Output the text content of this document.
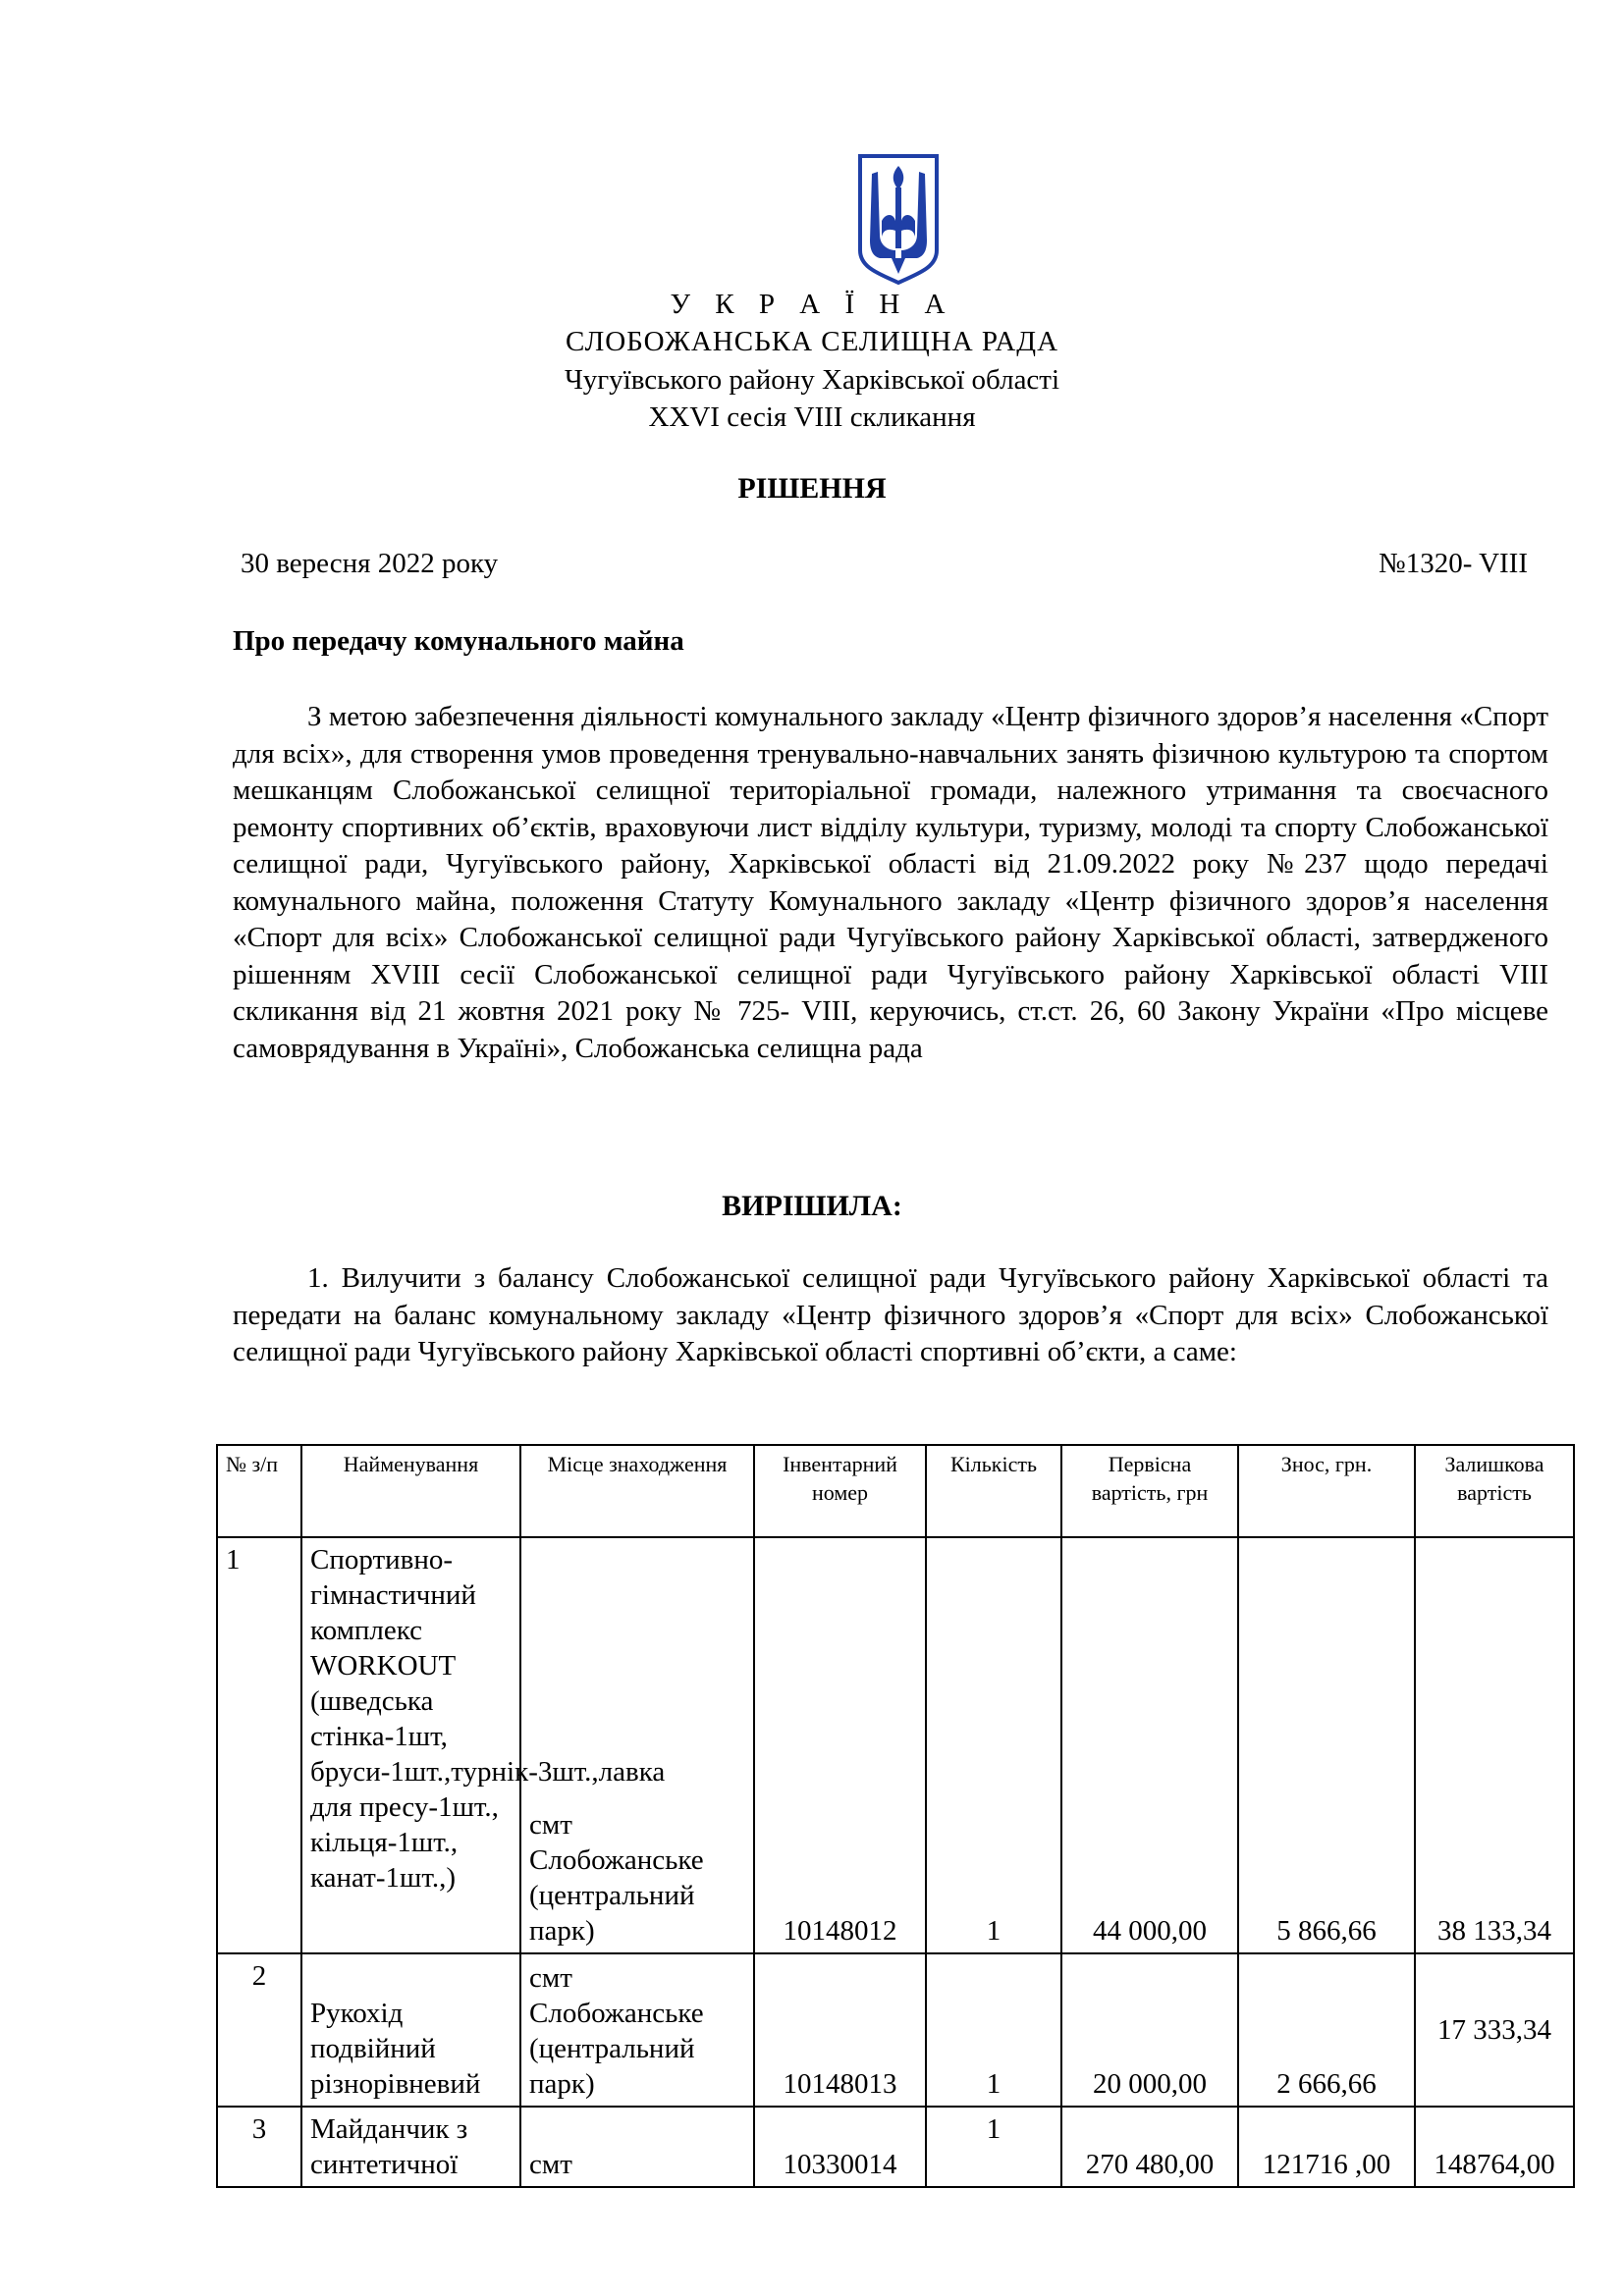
У К Р А Ї Н А
СЛОБОЖАНСЬКА СЕЛИЩНА РАДА
Чугуївського району Харківської області
XXVI сесія VIII скликання
РІШЕННЯ
30 вересня 2022 року	№1320- VIII
Про передачу комунального майна

З метою забезпечення діяльності комунального закладу «Центр фізичного здоров’я населення «Спорт для всіх», для створення умов проведення тренувально-навчальних занять фізичною культурою та спортом мешканцям Слобожанської селищної територіальної громади, належного утримання та своєчасного ремонту спортивних об’єктів, враховуючи лист відділу культури, туризму, молоді та спорту Слобожанської селищної ради, Чугуївського району, Харківської області від 21.09.2022 року №237 щодо передачі комунального майна, положення Статуту Комунального закладу «Центр фізичного здоров’я населення «Спорт для всіх» Слобожанської селищної ради Чугуївського району Харківської області, затвердженого рішенням XVIII сесії Слобожанської селищної ради Чугуївського району Харківської області VIII скликання від 21 жовтня 2021 року № 725- VIII, керуючись, ст.ст. 26, 60 Закону України «Про місцеве самоврядування в Україні», Слобожанська селищна рада

ВИРІШИЛА:

1. Вилучити з балансу Слобожанської селищної ради Чугуївського району Харківської області та передати на баланс комунальному закладу «Центр фізичного здоров’я «Спорт для всіх» Слобожанської селищної ради Чугуївського району Харківської області спортивні об’єкти, а саме:

№ з/п	Найменування	Місце знаходження	Інвентарний номер	Кількість	Первісна вартість, грн	Знос, грн.	Залишкова вартість
1	Спортивно-гімнастичний комплекс WORKOUT (шведська стінка-1шт, бруси-1шт.,турнік-3шт.,лавка для пресу-1шт., кільця-1шт., канат-1шт.,)	смт Слобожанське (центральний парк)	10148012	1	44 000,00	5 866,66	38 133,34
2	Рукохід подвійний різнорівневий	смт Слобожанське (центральний парк)	10148013	1	20 000,00	2 666,66	17 333,34
3	Майданчик з синтетичної	смт	10330014	1	270 480,00	121716 ,00	148764,00
